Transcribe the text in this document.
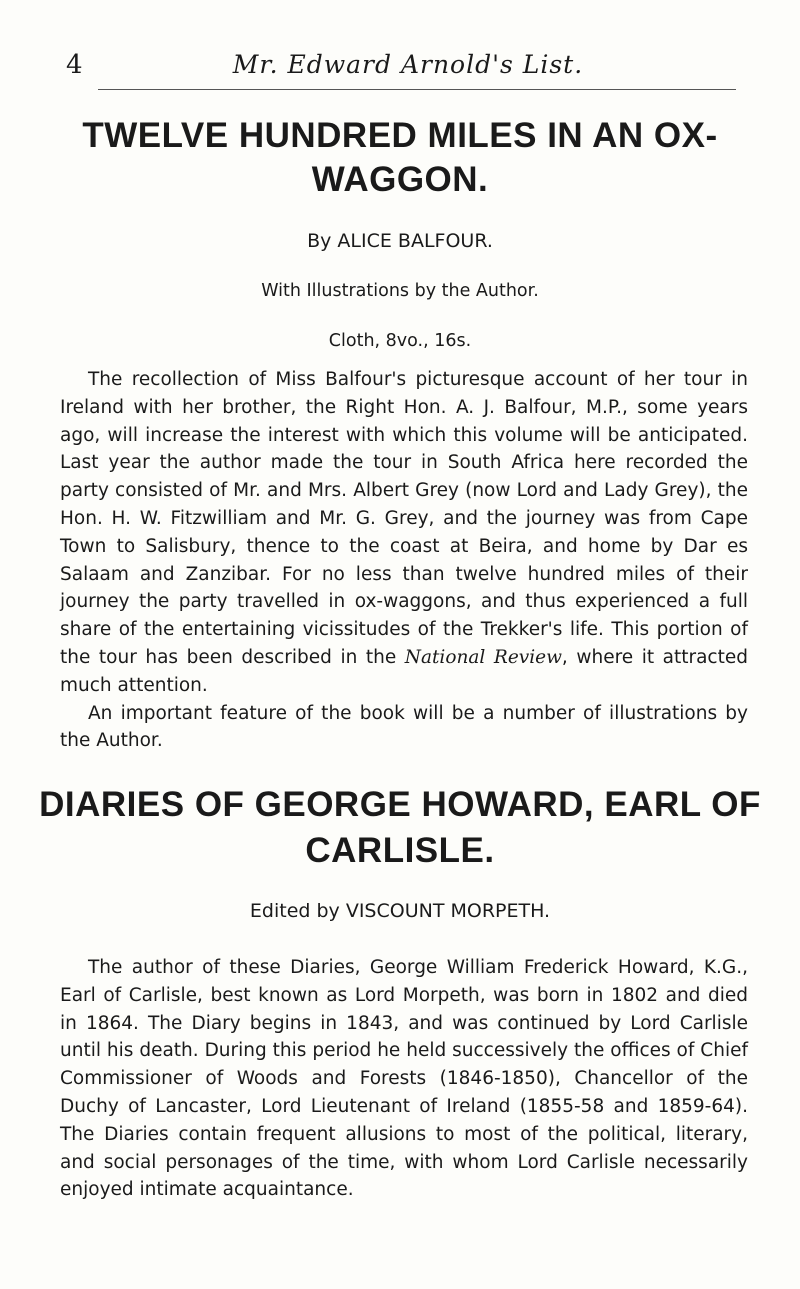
4	Mr. Edward Arnold's List.

TWELVE HUNDRED MILES IN AN OX-

WAGGON.

By ALICE BALFOUR.

With Illustrations by the Author.

Cloth, 8vo., 16s.

The recollection of Miss Balfour's picturesque account of her tour in Ireland with her brother, the Right Hon. A. J. Balfour, M.P., some years ago, will increase the interest with which this volume will be anticipated. Last year the author made the tour in South Africa here recorded the party consisted of Mr. and Mrs. Albert Grey (now Lord and Lady Grey), the Hon. H. W. Fitzwilliam and Mr. G. Grey, and the journey was from Cape Town to Salisbury, thence to the coast at Beira, and home by Dar es Salaam and Zanzibar. For no less than twelve hundred miles of their journey the party travelled in ox-waggons, and thus experienced a full share of the entertaining vicissitudes of the Trekker's life. This portion of the tour has been described in the National Review, where it attracted much attention.
An important feature of the book will be a number of illustrations by the Author.

DIARIES OF GEORGE HOWARD, EARL OF

CARLISLE.

Edited by VISCOUNT MORPETH.

The author of these Diaries, George William Frederick Howard, K.G., Earl of Carlisle, best known as Lord Morpeth, was born in 1802 and died in 1864. The Diary begins in 1843, and was continued by Lord Carlisle until his death. During this period he held successively the offices of Chief Commissioner of Woods and Forests (1846-1850), Chancellor of the Duchy of Lancaster, Lord Lieutenant of Ireland (1855-58 and 1859-64). The Diaries contain frequent allusions to most of the political, literary, and social personages of the time, with whom Lord Carlisle necessarily enjoyed intimate acquaintance.
